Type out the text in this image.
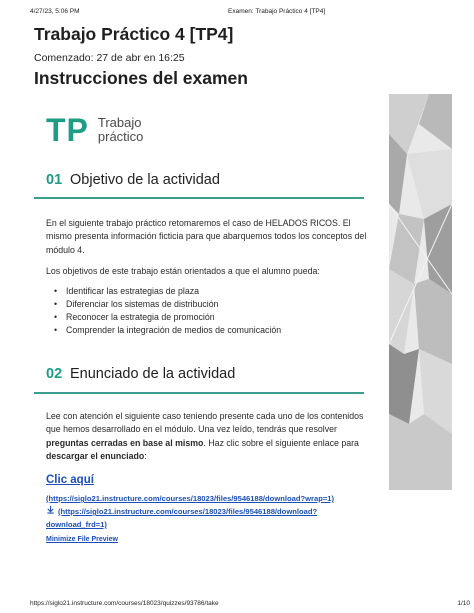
4/27/23, 5:06 PM	Examen: Trabajo Práctico 4 [TP4]
Trabajo Práctico 4 [TP4]
Comenzado: 27 de abr en 16:25
Instrucciones del examen
TP Trabajo
práctico
01 Objetivo de la actividad
En el siguiente trabajo práctico retomaremos el caso de HELADOS RICOS. El mismo presenta información ficticia para que abarquemos todos los conceptos del módulo 4.
Los objetivos de este trabajo están orientados a que el alumno pueda:
• Identificar las estrategias de plaza
• Diferenciar los sistemas de distribución
• Reconocer la estrategia de promoción
• Comprender la integración de medios de comunicación
02 Enunciado de la actividad
Lee con atención el siguiente caso teniendo presente cada uno de los contenidos que hemos desarrollado en el módulo. Una vez leído, tendrás que resolver preguntas cerradas en base al mismo. Haz clic sobre el siguiente enlace para descargar el enunciado:
Clic aquí
(https://siglo21.instructure.com/courses/18023/files/9546188/download?wrap=1)
(https://siglo21.instructure.com/courses/18023/files/9546188/download?
download_frd=1)
Minimize File Preview
https://siglo21.instructure.com/courses/18023/quizzes/93786/take	1/10
